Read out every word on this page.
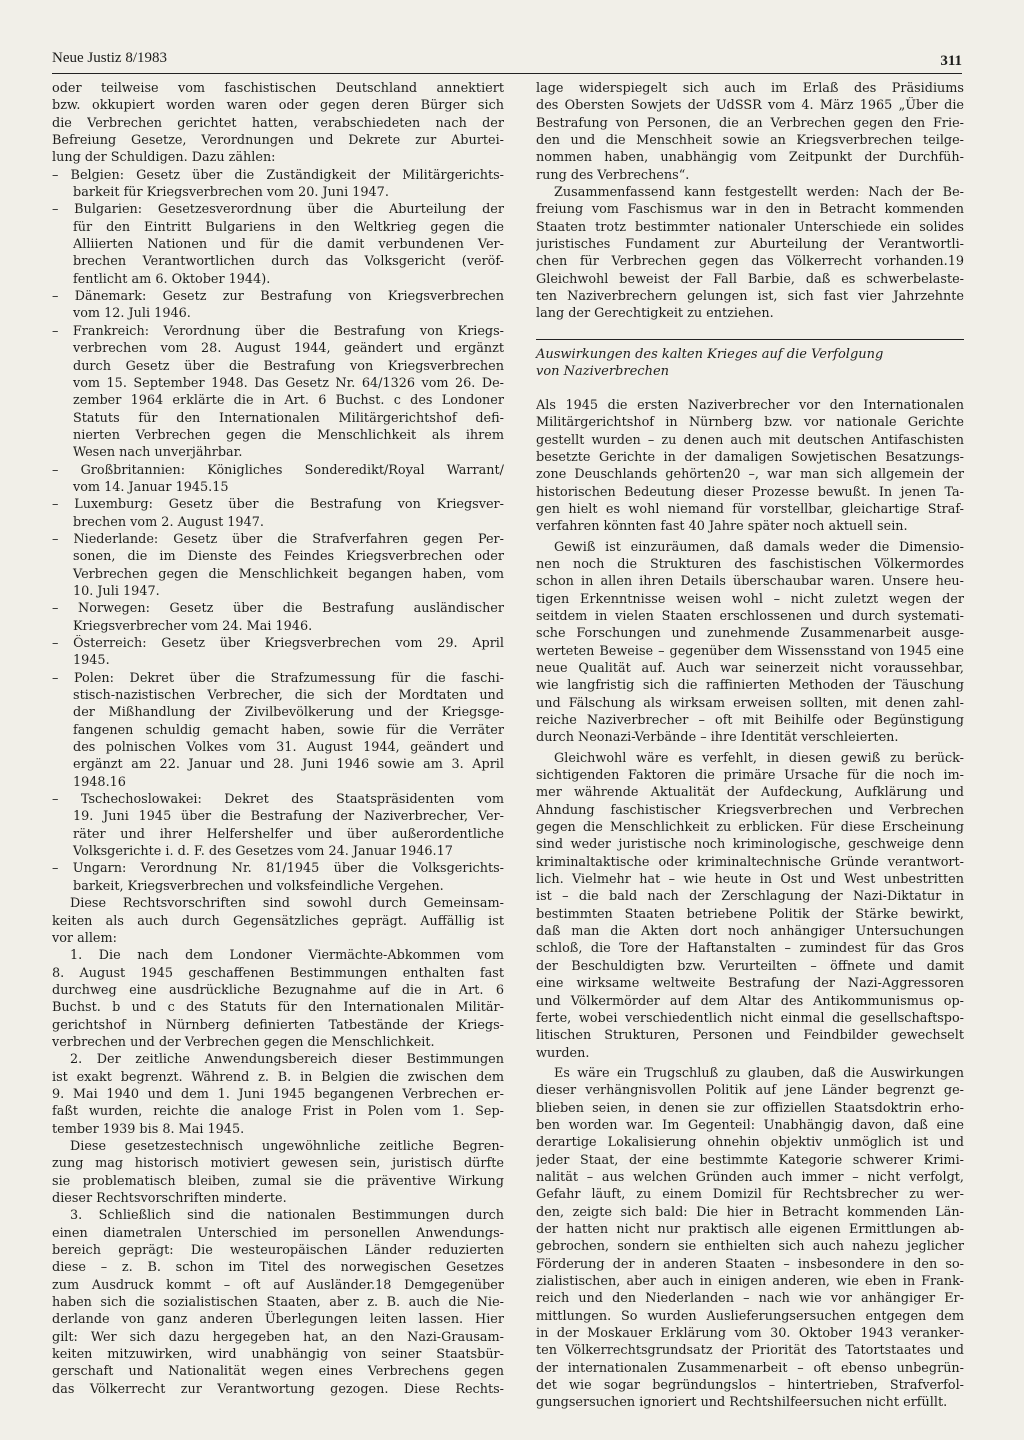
Neue Justiz 8/1983	311
oder teilweise vom faschistischen Deutschland annektiert
bzw. okkupiert worden waren oder gegen deren Bürger sich
die Verbrechen gerichtet hatten, verabschiedeten nach der
Befreiung Gesetze, Verordnungen und Dekrete zur Aburtei-
lung der Schuldigen. Dazu zählen:
– Belgien: Gesetz über die Zuständigkeit der Militärgerichts-
barkeit für Kriegsverbrechen vom 20. Juni 1947.
– Bulgarien: Gesetzesverordnung über die Aburteilung der
für den Eintritt Bulgariens in den Weltkrieg gegen die
Alliierten Nationen und für die damit verbundenen Ver-
brechen Verantwortlichen durch das Volksgericht (veröf-
fentlicht am 6. Oktober 1944).
– Dänemark: Gesetz zur Bestrafung von Kriegsverbrechen
vom 12. Juli 1946.
– Frankreich: Verordnung über die Bestrafung von Kriegs-
verbrechen vom 28. August 1944, geändert und ergänzt
durch Gesetz über die Bestrafung von Kriegsverbrechen
vom 15. September 1948. Das Gesetz Nr. 64/1326 vom 26. De-
zember 1964 erklärte die in Art. 6 Buchst. c des Londoner
Statuts für den Internationalen Militärgerichtshof defi-
nierten Verbrechen gegen die Menschlichkeit als ihrem
Wesen nach unverjährbar.
– Großbritannien: Königliches Sonderedikt/Royal Warrant/
vom 14. Januar 1945.15
– Luxemburg: Gesetz über die Bestrafung von Kriegsver-
brechen vom 2. August 1947.
– Niederlande: Gesetz über die Strafverfahren gegen Per-
sonen, die im Dienste des Feindes Kriegsverbrechen oder
Verbrechen gegen die Menschlichkeit begangen haben, vom
10. Juli 1947.
– Norwegen: Gesetz über die Bestrafung ausländischer
Kriegsverbrecher vom 24. Mai 1946.
– Österreich: Gesetz über Kriegsverbrechen vom 29. April
1945.
– Polen: Dekret über die Strafzumessung für die faschi-
stisch-nazistischen Verbrecher, die sich der Mordtaten und
der Mißhandlung der Zivilbevölkerung und der Kriegsge-
fangenen schuldig gemacht haben, sowie für die Verräter
des polnischen Volkes vom 31. August 1944, geändert und
ergänzt am 22. Januar und 28. Juni 1946 sowie am 3. April
1948.16
– Tschechoslowakei: Dekret des Staatspräsidenten vom
19. Juni 1945 über die Bestrafung der Naziverbrecher, Ver-
räter und ihrer Helfershelfer und über außerordentliche
Volksgerichte i. d. F. des Gesetzes vom 24. Januar 1946.17
– Ungarn: Verordnung Nr. 81/1945 über die Volksgerichts-
barkeit, Kriegsverbrechen und volksfeindliche Vergehen.
Diese Rechtsvorschriften sind sowohl durch Gemeinsam-
keiten als auch durch Gegensätzliches geprägt. Auffällig ist
vor allem:
1. Die nach dem Londoner Viermächte-Abkommen vom
8. August 1945 geschaffenen Bestimmungen enthalten fast
durchweg eine ausdrückliche Bezugnahme auf die in Art. 6
Buchst. b und c des Statuts für den Internationalen Militär-
gerichtshof in Nürnberg definierten Tatbestände der Kriegs-
verbrechen und der Verbrechen gegen die Menschlichkeit.
2. Der zeitliche Anwendungsbereich dieser Bestimmungen
ist exakt begrenzt. Während z. B. in Belgien die zwischen dem
9. Mai 1940 und dem 1. Juni 1945 begangenen Verbrechen er-
faßt wurden, reichte die analoge Frist in Polen vom 1. Sep-
tember 1939 bis 8. Mai 1945.
Diese gesetzestechnisch ungewöhnliche zeitliche Begren-
zung mag historisch motiviert gewesen sein, juristisch dürfte
sie problematisch bleiben, zumal sie die präventive Wirkung
dieser Rechtsvorschriften minderte.
3. Schließlich sind die nationalen Bestimmungen durch
einen diametralen Unterschied im personellen Anwendungs-
bereich geprägt: Die westeuropäischen Länder reduzierten
diese – z. B. schon im Titel des norwegischen Gesetzes
zum Ausdruck kommt – oft auf Ausländer.18 Demgegenüber
haben sich die sozialistischen Staaten, aber z. B. auch die Nie-
derlande von ganz anderen Überlegungen leiten lassen. Hier
gilt: Wer sich dazu hergegeben hat, an den Nazi-Grausam-
keiten mitzuwirken, wird unabhängig von seiner Staatsbür-
gerschaft und Nationalität wegen eines Verbrechens gegen
das Völkerrecht zur Verantwortung gezogen. Diese Rechts-
lage widerspiegelt sich auch im Erlaß des Präsidiums
des Obersten Sowjets der UdSSR vom 4. März 1965 „Über die
Bestrafung von Personen, die an Verbrechen gegen den Frie-
den und die Menschheit sowie an Kriegsverbrechen teilge-
nommen haben, unabhängig vom Zeitpunkt der Durchfüh-
rung des Verbrechens“.
Zusammenfassend kann festgestellt werden: Nach der Be-
freiung vom Faschismus war in den in Betracht kommenden
Staaten trotz bestimmter nationaler Unterschiede ein solides
juristisches Fundament zur Aburteilung der Verantwortli-
chen für Verbrechen gegen das Völkerrecht vorhanden.19
Gleichwohl beweist der Fall Barbie, daß es schwerbelaste-
ten Naziverbrechern gelungen ist, sich fast vier Jahrzehnte
lang der Gerechtigkeit zu entziehen.
Auswirkungen des kalten Krieges auf die Verfolgung
von Naziverbrechen
Als 1945 die ersten Naziverbrecher vor den Internationalen
Militärgerichtshof in Nürnberg bzw. vor nationale Gerichte
gestellt wurden – zu denen auch mit deutschen Antifaschisten
besetzte Gerichte in der damaligen Sowjetischen Besatzungs-
zone Deuschlands gehörten20 –, war man sich allgemein der
historischen Bedeutung dieser Prozesse bewußt. In jenen Ta-
gen hielt es wohl niemand für vorstellbar, gleichartige Straf-
verfahren könnten fast 40 Jahre später noch aktuell sein.
Gewiß ist einzuräumen, daß damals weder die Dimensio-
nen noch die Strukturen des faschistischen Völkermordes
schon in allen ihren Details überschaubar waren. Unsere heu-
tigen Erkenntnisse weisen wohl – nicht zuletzt wegen der
seitdem in vielen Staaten erschlossenen und durch systemati-
sche Forschungen und zunehmende Zusammenarbeit ausge-
werteten Beweise – gegenüber dem Wissensstand von 1945 eine
neue Qualität auf. Auch war seinerzeit nicht voraussehbar,
wie langfristig sich die raffinierten Methoden der Täuschung
und Fälschung als wirksam erweisen sollten, mit denen zahl-
reiche Naziverbrecher – oft mit Beihilfe oder Begünstigung
durch Neonazi-Verbände – ihre Identität verschleierten.
Gleichwohl wäre es verfehlt, in diesen gewiß zu berück-
sichtigenden Faktoren die primäre Ursache für die noch im-
mer währende Aktualität der Aufdeckung, Aufklärung und
Ahndung faschistischer Kriegsverbrechen und Verbrechen
gegen die Menschlichkeit zu erblicken. Für diese Erscheinung
sind weder juristische noch kriminologische, geschweige denn
kriminaltaktische oder kriminaltechnische Gründe verantwort-
lich. Vielmehr hat – wie heute in Ost und West unbestritten
ist – die bald nach der Zerschlagung der Nazi-Diktatur in
bestimmten Staaten betriebene Politik der Stärke bewirkt,
daß man die Akten dort noch anhängiger Untersuchungen
schloß, die Tore der Haftanstalten – zumindest für das Gros
der Beschuldigten bzw. Verurteilten – öffnete und damit
eine wirksame weltweite Bestrafung der Nazi-Aggressoren
und Völkermörder auf dem Altar des Antikommunismus op-
ferte, wobei verschiedentlich nicht einmal die gesellschaftspo-
litischen Strukturen, Personen und Feindbilder gewechselt
wurden.
Es wäre ein Trugschluß zu glauben, daß die Auswirkungen
dieser verhängnisvollen Politik auf jene Länder begrenzt ge-
blieben seien, in denen sie zur offiziellen Staatsdoktrin erho-
ben worden war. Im Gegenteil: Unabhängig davon, daß eine
derartige Lokalisierung ohnehin objektiv unmöglich ist und
jeder Staat, der eine bestimmte Kategorie schwerer Krimi-
nalität – aus welchen Gründen auch immer – nicht verfolgt,
Gefahr läuft, zu einem Domizil für Rechtsbrecher zu wer-
den, zeigte sich bald: Die hier in Betracht kommenden Län-
der hatten nicht nur praktisch alle eigenen Ermittlungen ab-
gebrochen, sondern sie enthielten sich auch nahezu jeglicher
Förderung der in anderen Staaten – insbesondere in den so-
zialistischen, aber auch in einigen anderen, wie eben in Frank-
reich und den Niederlanden – nach wie vor anhängiger Er-
mittlungen. So wurden Auslieferungsersuchen entgegen dem
in der Moskauer Erklärung vom 30. Oktober 1943 veranker-
ten Völkerrechtsgrundsatz der Priorität des Tatortstaates und
der internationalen Zusammenarbeit – oft ebenso unbegrün-
det wie sogar begründungslos – hintertrieben, Strafverfol-
gungsersuchen ignoriert und Rechtshilfeersuchen nicht erfüllt.
